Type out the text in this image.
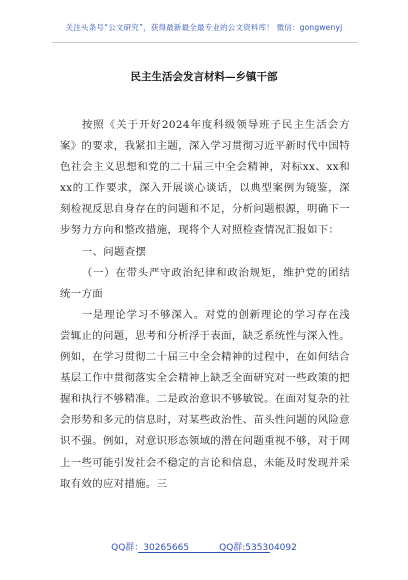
关注头条号“公文研究”，获得最新最全最专业的公文资料库！ 微信：gongwenyj
民主生活会发言材料—乡镇干部

按照《关于开好2024年度科级领导班子民主生活会方案》的要求，我紧扣主题，深入学习贯彻习近平新时代中国特色社会主义思想和党的二十届三中全会精神，对标xx、xx和xx的工作要求，深入开展谈心谈话，以典型案例为镜鉴，深刻检视反思自身存在的问题和不足，分析问题根源，明确下一步努力方向和整改措施，现将个人对照检查情况汇报如下：

一、问题查摆

（一）在带头严守政治纪律和政治规矩，维护党的团结统一方面

一是理论学习不够深入。对党的创新理论的学习存在浅尝辄止的问题，思考和分析浮于表面，缺乏系统性与深入性。例如，在学习贯彻二十届三中全会精神的过程中，在如何结合基层工作中贯彻落实全会精神上缺乏全面研究对一些政策的把握和执行不够精准。二是政治意识不够敏锐。在面对复杂的社会形势和多元的信息时，对某些政治性、苗头性问题的风险意识不强。例如，对意识形态领域的潜在问题重视不够，对于网上一些可能引发社会不稳定的言论和信息，未能及时发现并采取有效的应对措施。三

QQ群：30265665	QQ群:535304092
